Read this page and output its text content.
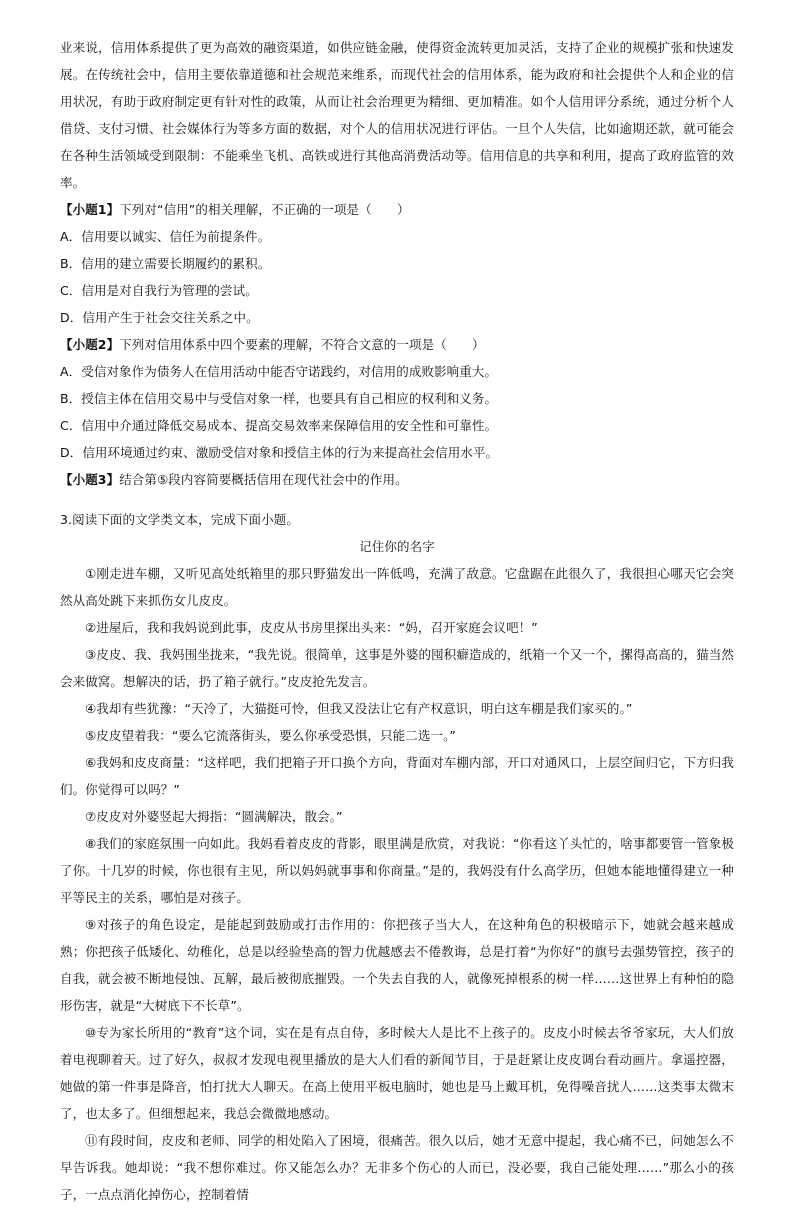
业来说，信用体系提供了更为高效的融资渠道，如供应链金融，使得资金流转更加灵活，支持了企业的规模扩张和快速发展。在传统社会中，信用主要依靠道德和社会规范来维系，而现代社会的信用体系，能为政府和社会提供个人和企业的信用状况，有助于政府制定更有针对性的政策，从而让社会治理更为精细、更加精准。如个人信用评分系统，通过分析个人借贷、支付习惯、社会媒体行为等多方面的数据，对个人的信用状况进行评估。一旦个人失信，比如逾期还款，就可能会在各种生活领域受到限制：不能乘坐飞机、高铁或进行其他高消费活动等。信用信息的共享和利用，提高了政府监管的效率。

【小题1】下列对“信用”的相关理解，不正确的一项是（　　）

A．信用要以诚实、信任为前提条件。

B．信用的建立需要长期履约的累积。

C．信用是对自我行为管理的尝试。

D．信用产生于社会交往关系之中。

【小题2】下列对信用体系中四个要素的理解，不符合文意的一项是（　　）

A．受信对象作为债务人在信用活动中能否守诺践约，对信用的成败影响重大。

B．授信主体在信用交易中与受信对象一样，也要具有自己相应的权利和义务。

C．信用中介通过降低交易成本、提高交易效率来保障信用的安全性和可靠性。

D．信用环境通过约束、激励受信对象和授信主体的行为来提高社会信用水平。

【小题3】结合第⑤段内容简要概括信用在现代社会中的作用。

3.阅读下面的文学类文本，完成下面小题。

记住你的名字

①刚走进车棚，又听见高处纸箱里的那只野猫发出一阵低鸣，充满了敌意。它盘踞在此很久了，我很担心哪天它会突然从高处跳下来抓伤女儿皮皮。

②进屋后，我和我妈说到此事，皮皮从书房里探出头来：“妈，召开家庭会议吧！”

③皮皮、我、我妈围坐拢来，“我先说。很简单，这事是外婆的囤积癖造成的，纸箱一个又一个，摞得高高的，猫当然会来做窝。想解决的话，扔了箱子就行。”皮皮抢先发言。

④我却有些犹豫：“天冷了，大猫挺可怜，但我又没法让它有产权意识，明白这车棚是我们家买的。”

⑤皮皮望着我：“要么它流落街头，要么你承受恐惧，只能二选一。”

⑥我妈和皮皮商量：“这样吧，我们把箱子开口换个方向，背面对车棚内部，开口对通风口，上层空间归它，下方归我们。你觉得可以吗？”

⑦皮皮对外婆竖起大拇指：“圆满解决，散会。”

⑧我们的家庭氛围一向如此。我妈看着皮皮的背影，眼里满是欣赏，对我说：“你看这丫头忙的，啥事都要管一管象极了你。十几岁的时候，你也很有主见，所以妈妈就事事和你商量。”是的，我妈没有什么高学历，但她本能地懂得建立一种平等民主的关系，哪怕是对孩子。

⑨对孩子的角色设定，是能起到鼓励或打击作用的：你把孩子当大人，在这种角色的积极暗示下，她就会越来越成熟；你把孩子低矮化、幼稚化，总是以经验垫高的智力优越感去不倦教诲，总是打着“为你好”的旗号去强势管控，孩子的自我，就会被不断地侵蚀、瓦解，最后被彻底摧毁。一个失去自我的人，就像死掉根系的树一样……这世界上有种怕的隐形伤害，就是“大树底下不长草”。

⑩专为家长所用的“教育”这个词，实在是有点自侍，多时候大人是比不上孩子的。皮皮小时候去爷爷家玩，大人们放着电视聊着天。过了好久，叔叔才发现电视里播放的是大人们看的新闻节目，于是赶紧让皮皮调台看动画片。拿遥控器，她做的第一件事是降音，怕打扰大人聊天。在高上使用平板电脑时，她也是马上戴耳机，免得噪音扰人……这类事太微末了，也太多了。但细想起来，我总会微微地感动。

⑪有段时间，皮皮和老师、同学的相处陷入了困境，很痛苦。很久以后，她才无意中提起，我心痛不已，问她怎么不早告诉我。她却说：“我不想你难过。你又能怎么办？无非多个伤心的人而已，没必要，我自己能处理……”那么小的孩子，一点点消化掉伤心，控制着情
